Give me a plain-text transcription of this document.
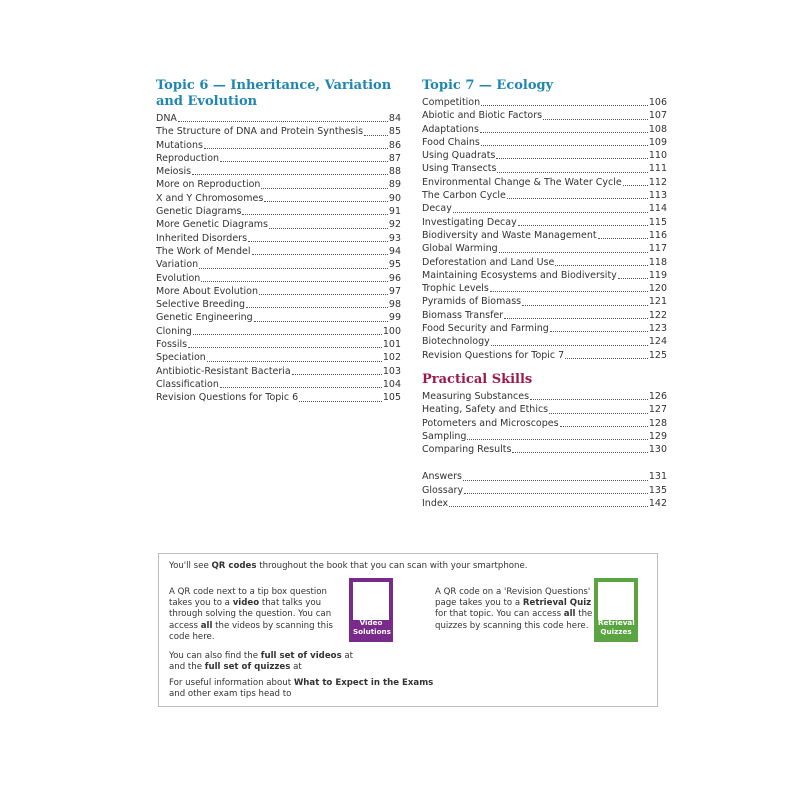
Topic 6 — Inheritance, Variation
and Evolution
DNA	84
The Structure of DNA and Protein Synthesis	85
Mutations	86
Reproduction	87
Meiosis	88
More on Reproduction	89
X and Y Chromosomes	90
Genetic Diagrams	91
More Genetic Diagrams	92
Inherited Disorders	93
The Work of Mendel	94
Variation	95
Evolution	96
More About Evolution	97
Selective Breeding	98
Genetic Engineering	99
Cloning	100
Fossils	101
Speciation	102
Antibiotic-Resistant Bacteria	103
Classification	104
Revision Questions for Topic 6	105
Topic 7 — Ecology
Competition	106
Abiotic and Biotic Factors	107
Adaptations	108
Food Chains	109
Using Quadrats	110
Using Transects	111
Environmental Change & The Water Cycle	112
The Carbon Cycle	113
Decay	114
Investigating Decay	115
Biodiversity and Waste Management	116
Global Warming	117
Deforestation and Land Use	118
Maintaining Ecosystems and Biodiversity	119
Trophic Levels	120
Pyramids of Biomass	121
Biomass Transfer	122
Food Security and Farming	123
Biotechnology	124
Revision Questions for Topic 7	125
Practical Skills
Measuring Substances	126
Heating, Safety and Ethics	127
Potometers and Microscopes	128
Sampling	129
Comparing Results	130
Answers	131
Glossary	135
Index	142

You'll see QR codes throughout the book that you can scan with your smartphone.

A QR code next to a tip box question takes you to a video that talks you through solving the question. You can access all the videos by scanning this code here.

Video
Solutions

A QR code on a 'Revision Questions' page takes you to a Retrieval Quiz for that topic. You can access all the quizzes by scanning this code here.	Retrieval
Quizzes

You can also find the full set of videos at and the full set of quizzes at

For useful information about What to Expect in the Exams and other exam tips head to
